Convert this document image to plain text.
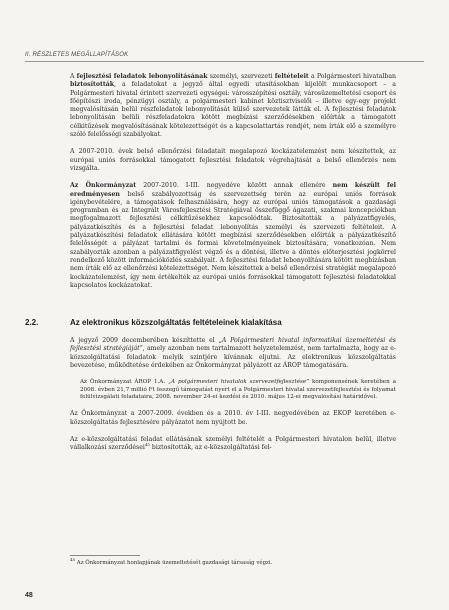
II. RÉSZLETES MEGÁLLAPÍTÁSOK

A fejlesztési feladatok lebonyolításának személyi, szervezeti feltételeit a Polgármesteri hivatalban biztosították, a feladatokat a jegyző által egyedi utasításokban kijelölt munkacsoport – a Polgármesteri hivatal érintett szervezeti egységei: városszépítési osztály, városüzemeltetési csoport és főépítészi iroda, pénzügyi osztály, a polgármesteri kabinet köztisztviselői – illetve egy-egy projekt megvalósításán belül részfeladatok lebonyolítását külső szervezetek látták el. A fejlesztési feladatok lebonyolításán belüli részfeladatokra kötött megbízási szerződésekben előírták a támogatott célkitűzések megvalósításának kötelezettségét és a kapcsolattartás rendjét, nem írták elő a személyre szóló felelősségi szabályokat.

A 2007-2010. évek belső ellenőrzési feladatait megalapozó kockázatelemzést nem készítettek, az európai uniós forrásokkal támogatott fejlesztési feladatok végrehajtását a belső ellenőrzés nem vizsgálta.

Az Önkormányzat 2007-2010. I-III. negyedéve között annak ellenére nem készült fel eredményesen belső szabályozottság és szervezettség terén az európai uniós források igénybevételére, a támogatások felhasználására, hogy az európai uniós támogatások a gazdasági programban és az Integrált Városfejlesztési Stratégiával összefüggő ágazati, szakmai koncepciókban megfogalmazott fejlesztési célkitűzésekhez kapcsolódtak. Biztosították a pályázatfigyelés, pályázatkészítés és a fejlesztési feladat lebonyolítás személyi és szervezeti feltételeit. A pályázatkészítési feladatok ellátására kötött megbízási szerződésekben előírták a pályázatkészítő felelősségét a pályázat tartalmi és formai követelményeinek biztosítására, vonatkozóan. Nem szabályozták azonban a pályázatfigyelést végző és a döntési, illetve a döntés előterjesztési jogkörrel rendelkező között információközlés szabályait. A fejlesztési feladat lebonyolítására kötött megbízásban nem írták elő az ellenőrzési kötelezettséget. Nem készítettek a belső ellenőrzési stratégiát megalapozó kockázatelemzést, így nem értékelték az európai uniós forrásokkal támogatott fejlesztési feladatokkal kapcsolatos kockázatokat.

2.2.	Az elektronikus közszolgáltatás feltételeinek kialakítása

A jegyző 2009 decemberében készíttette el „A Polgármesteri hivatal informatikai üzemeltetési és fejlesztési stratégiáját”, amely azonban nem tartalmazott helyzetelemzést, nem tartalmazta, hogy az e-közszolgáltatási feladatok melyik szintjére kívánnak eljutni. Az elektronikus közszolgáltatás bevezetése, működtetése érdekében az Önkormányzat pályázott az ÁROP támogatására.

Az Önkormányzat ÁROP 1.A. „A polgármesteri hivatalok szervezetfejlesztése” komponensének keretében a 2008. évben 21,7 millió Ft összegű támogatást nyert el a Polgármesteri hivatal szervezetfejlesztési és folyamat felülvizsgálati feladataira, 2008. november 24-ei kezdési és 2010. május 12-ei megvalósítási határidővel.

Az Önkormányzat a 2007-2009. években és a 2010. év I-III. negyedévében az EKOP keretében e-közszolgáltatás fejlesztésére pályázatot nem nyújtott be.

Az e-közszolgáltatási feladat ellátásának személyi feltételét a Polgármesteri hivatalon belül, illetve vállalkozási szerződései$^{45}$ biztosították, az e-közszolgáltatási fel-

$^{45}$ Az Önkormányzat honlapjának üzemeltetését gazdasági társaság végzi.
48
